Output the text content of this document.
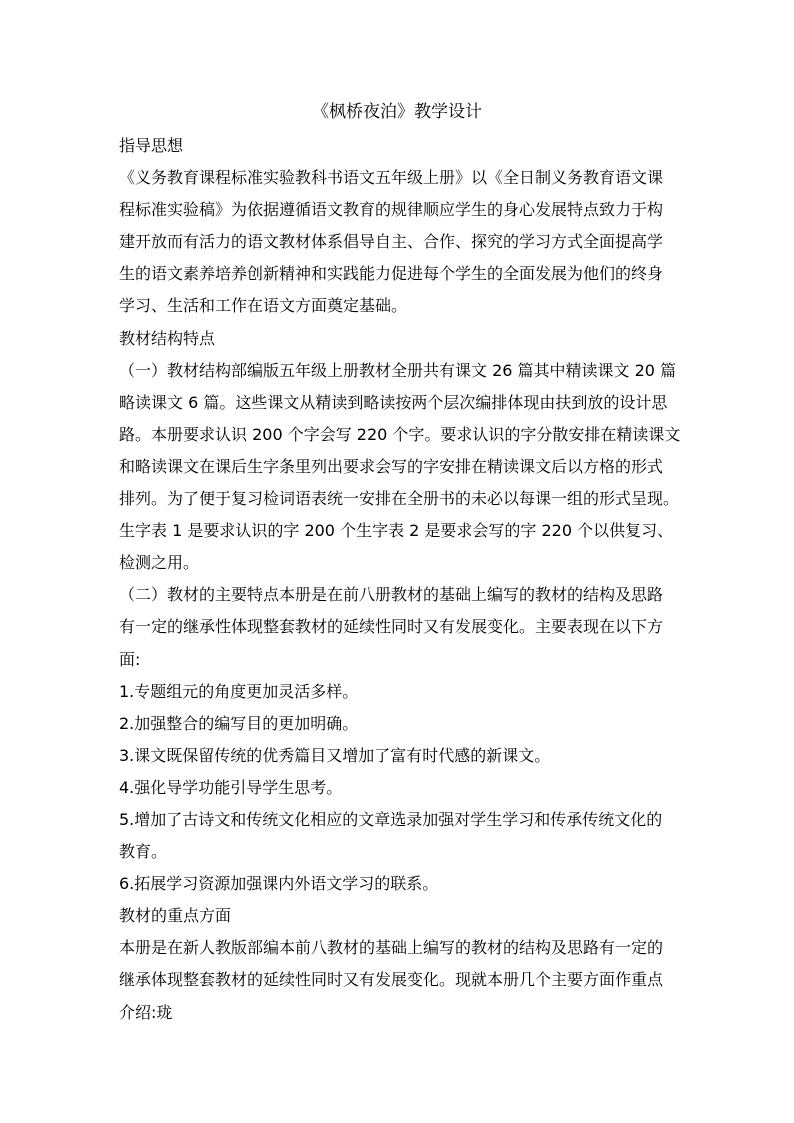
《枫桥夜泊》教学设计
指导思想
《义务教育课程标准实验教科书语文五年级上册》以《全日制义务教育语文课
程标准实验稿》为依据遵循语文教育的规律顺应学生的身心发展特点致力于构
建开放而有活力的语文教材体系倡导自主、合作、探究的学习方式全面提高学
生的语文素养培养创新精神和实践能力促进每个学生的全面发展为他们的终身
学习、生活和工作在语文方面奠定基础。
教材结构特点
（一）教材结构部编版五年级上册教材全册共有课文 26 篇其中精读课文 20 篇
略读课文 6 篇。这些课文从精读到略读按两个层次编排体现由扶到放的设计思
路。本册要求认识 200 个字会写 220 个字。要求认识的字分散安排在精读课文
和略读课文在课后生字条里列出要求会写的字安排在精读课文后以方格的形式
排列。为了便于复习检词语表统一安排在全册书的未必以每课一组的形式呈现。
生字表 1 是要求认识的字 200 个生字表 2 是要求会写的字 220 个以供复习、
检测之用。
（二）教材的主要特点本册是在前八册教材的基础上编写的教材的结构及思路
有一定的继承性体现整套教材的延续性同时又有发展变化。主要表现在以下方
面:
1.专题组元的角度更加灵活多样。
2.加强整合的编写目的更加明确。
3.课文既保留传统的优秀篇目又增加了富有时代感的新课文。
4.强化导学功能引导学生思考。
5.增加了古诗文和传统文化相应的文章选录加强对学生学习和传承传统文化的
教育。
6.拓展学习资源加强课内外语文学习的联系。
教材的重点方面
本册是在新人教版部编本前八教材的基础上编写的教材的结构及思路有一定的
继承体现整套教材的延续性同时又有发展变化。现就本册几个主要方面作重点
介绍:珑
